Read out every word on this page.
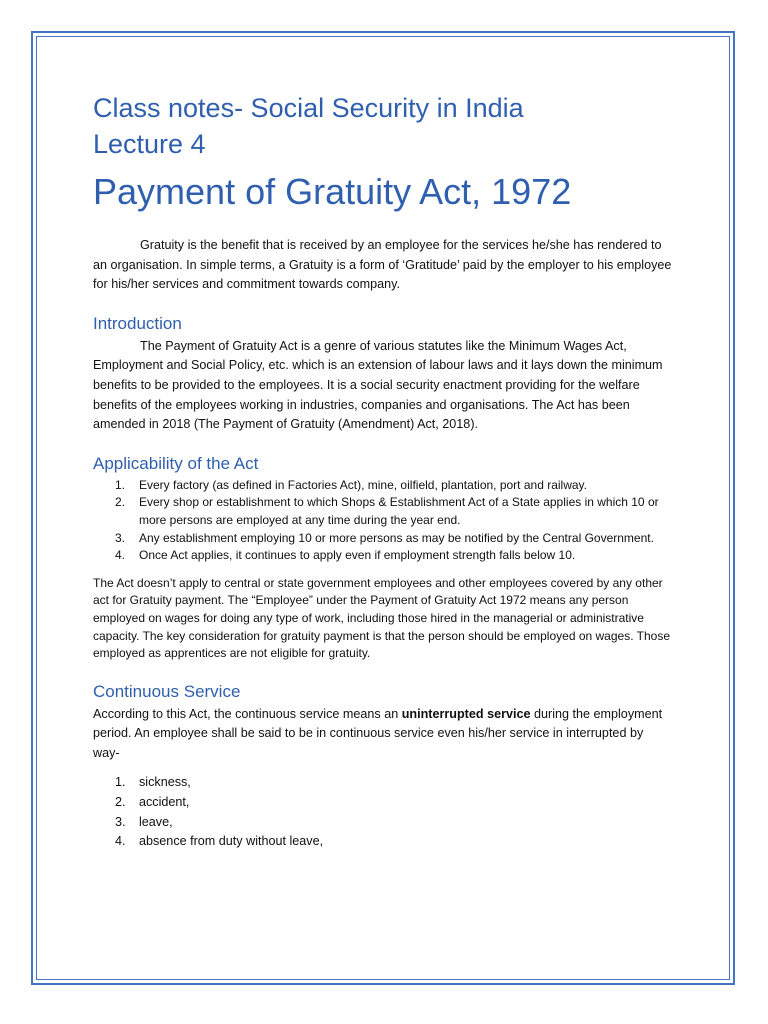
Class notes- Social Security in India
Lecture 4
Payment of Gratuity Act, 1972

Gratuity is the benefit that is received by an employee for the services he/she has rendered to an organisation. In simple terms, a Gratuity is a form of ‘Gratitude’ paid by the employer to his employee for his/her services and commitment towards company.

Introduction

The Payment of Gratuity Act is a genre of various statutes like the Minimum Wages Act, Employment and Social Policy, etc. which is an extension of labour laws and it lays down the minimum benefits to be provided to the employees. It is a social security enactment providing for the welfare benefits of the employees working in industries, companies and organisations. The Act has been amended in 2018 (The Payment of Gratuity (Amendment) Act, 2018).

Applicability of the Act
1. Every factory (as defined in Factories Act), mine, oilfield, plantation, port and railway.
2. Every shop or establishment to which Shops & Establishment Act of a State applies in which 10 or more persons are employed at any time during the year end.
3. Any establishment employing 10 or more persons as may be notified by the Central Government.
4. Once Act applies, it continues to apply even if employment strength falls below 10.

The Act doesn’t apply to central or state government employees and other employees covered by any other act for Gratuity payment. The “Employee” under the Payment of Gratuity Act 1972 means any person employed on wages for doing any type of work, including those hired in the managerial or administrative capacity. The key consideration for gratuity payment is that the person should be employed on wages. Those employed as apprentices are not eligible for gratuity.

Continuous Service

According to this Act, the continuous service means an uninterrupted service during the employment period. An employee shall be said to be in continuous service even his/her service in interrupted by way-

1. sickness,
2. accident,
3. leave,
4. absence from duty without leave,
